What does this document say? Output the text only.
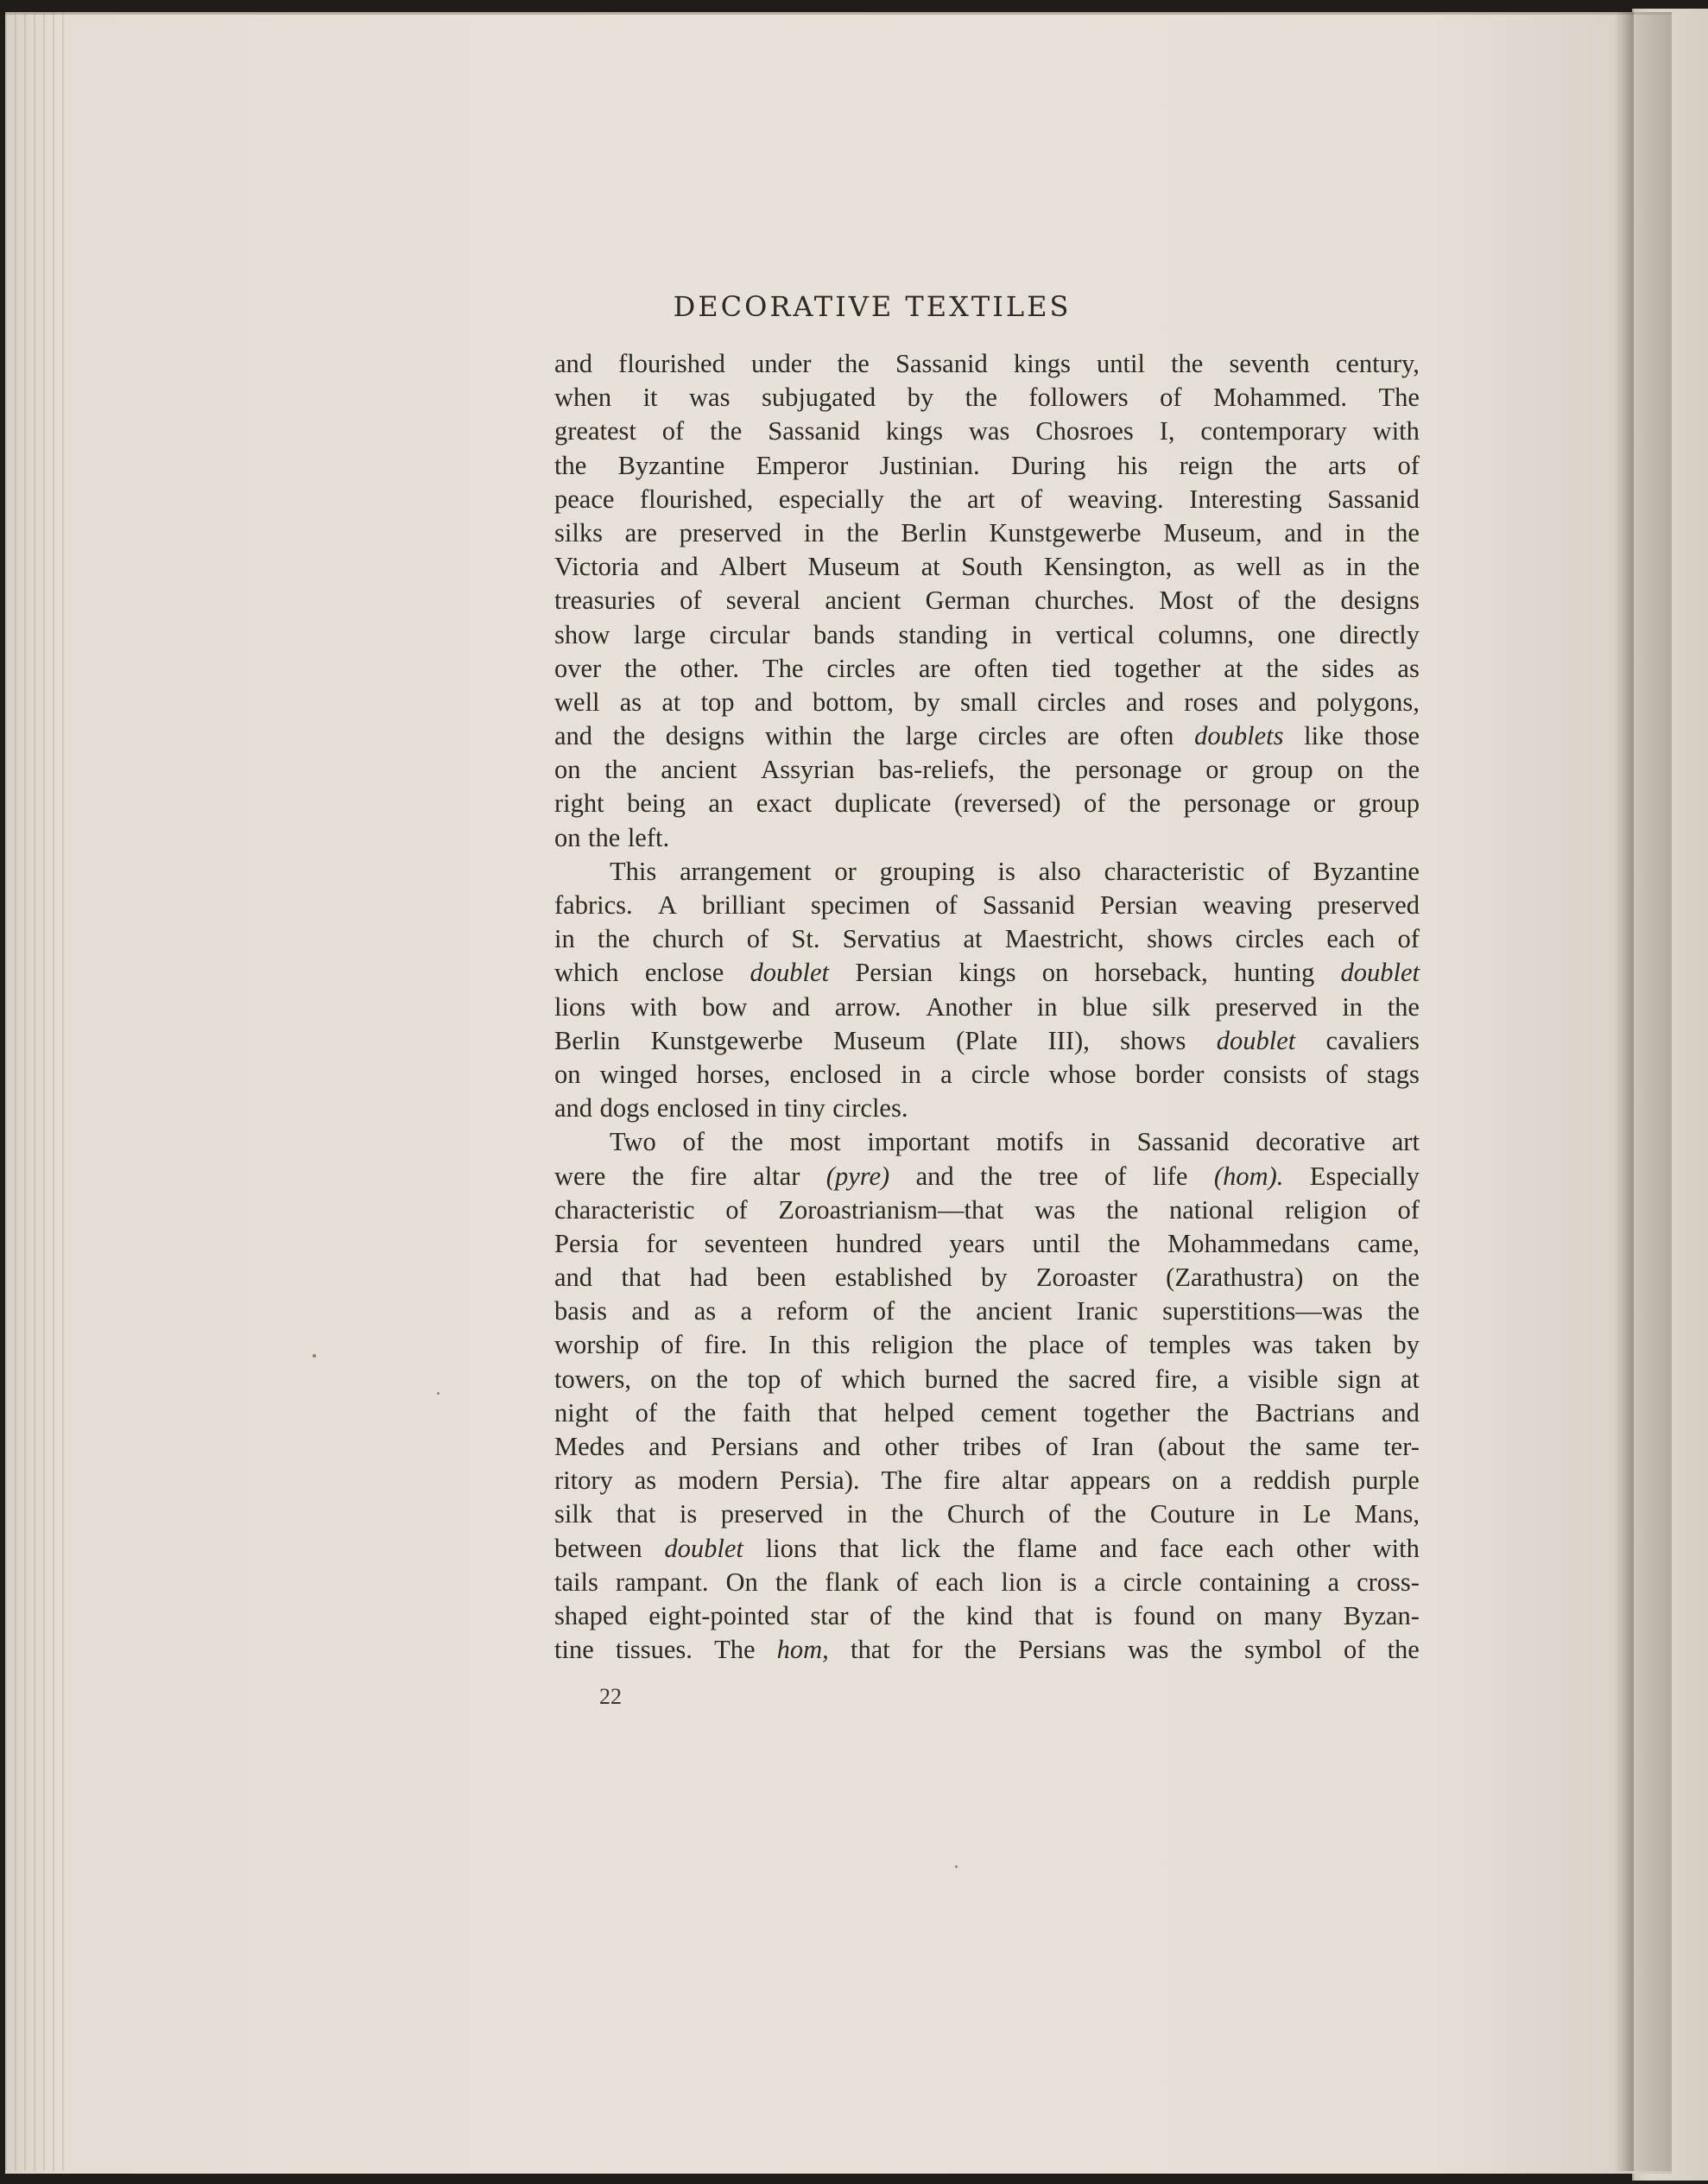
DECORATIVE TEXTILES
and flourished under the Sassanid kings until the seventh century,
when it was subjugated by the followers of Mohammed. The
greatest of the Sassanid kings was Chosroes I, contemporary with
the Byzantine Emperor Justinian. During his reign the arts of
peace flourished, especially the art of weaving. Interesting Sassanid
silks are preserved in the Berlin Kunstgewerbe Museum, and in the
Victoria and Albert Museum at South Kensington, as well as in the
treasuries of several ancient German churches. Most of the designs
show large circular bands standing in vertical columns, one directly
over the other. The circles are often tied together at the sides as
well as at top and bottom, by small circles and roses and polygons,
and the designs within the large circles are often doublets like those
on the ancient Assyrian bas-reliefs, the personage or group on the
right being an exact duplicate (reversed) of the personage or group
on the left.
This arrangement or grouping is also characteristic of Byzantine
fabrics. A brilliant specimen of Sassanid Persian weaving preserved
in the church of St. Servatius at Maestricht, shows circles each of
which enclose doublet Persian kings on horseback, hunting doublet
lions with bow and arrow. Another in blue silk preserved in the
Berlin Kunstgewerbe Museum (Plate III), shows doublet cavaliers
on winged horses, enclosed in a circle whose border consists of stags
and dogs enclosed in tiny circles.
Two of the most important motifs in Sassanid decorative art
were the fire altar (pyre) and the tree of life (hom). Especially
characteristic of Zoroastrianism—that was the national religion of
Persia for seventeen hundred years until the Mohammedans came,
and that had been established by Zoroaster (Zarathustra) on the
basis and as a reform of the ancient Iranic superstitions—was the
worship of fire. In this religion the place of temples was taken by
towers, on the top of which burned the sacred fire, a visible sign at
night of the faith that helped cement together the Bactrians and
Medes and Persians and other tribes of Iran (about the same ter-
ritory as modern Persia). The fire altar appears on a reddish purple
silk that is preserved in the Church of the Couture in Le Mans,
between doublet lions that lick the flame and face each other with
tails rampant. On the flank of each lion is a circle containing a cross-
shaped eight-pointed star of the kind that is found on many Byzan-
tine tissues. The hom, that for the Persians was the symbol of the
22
